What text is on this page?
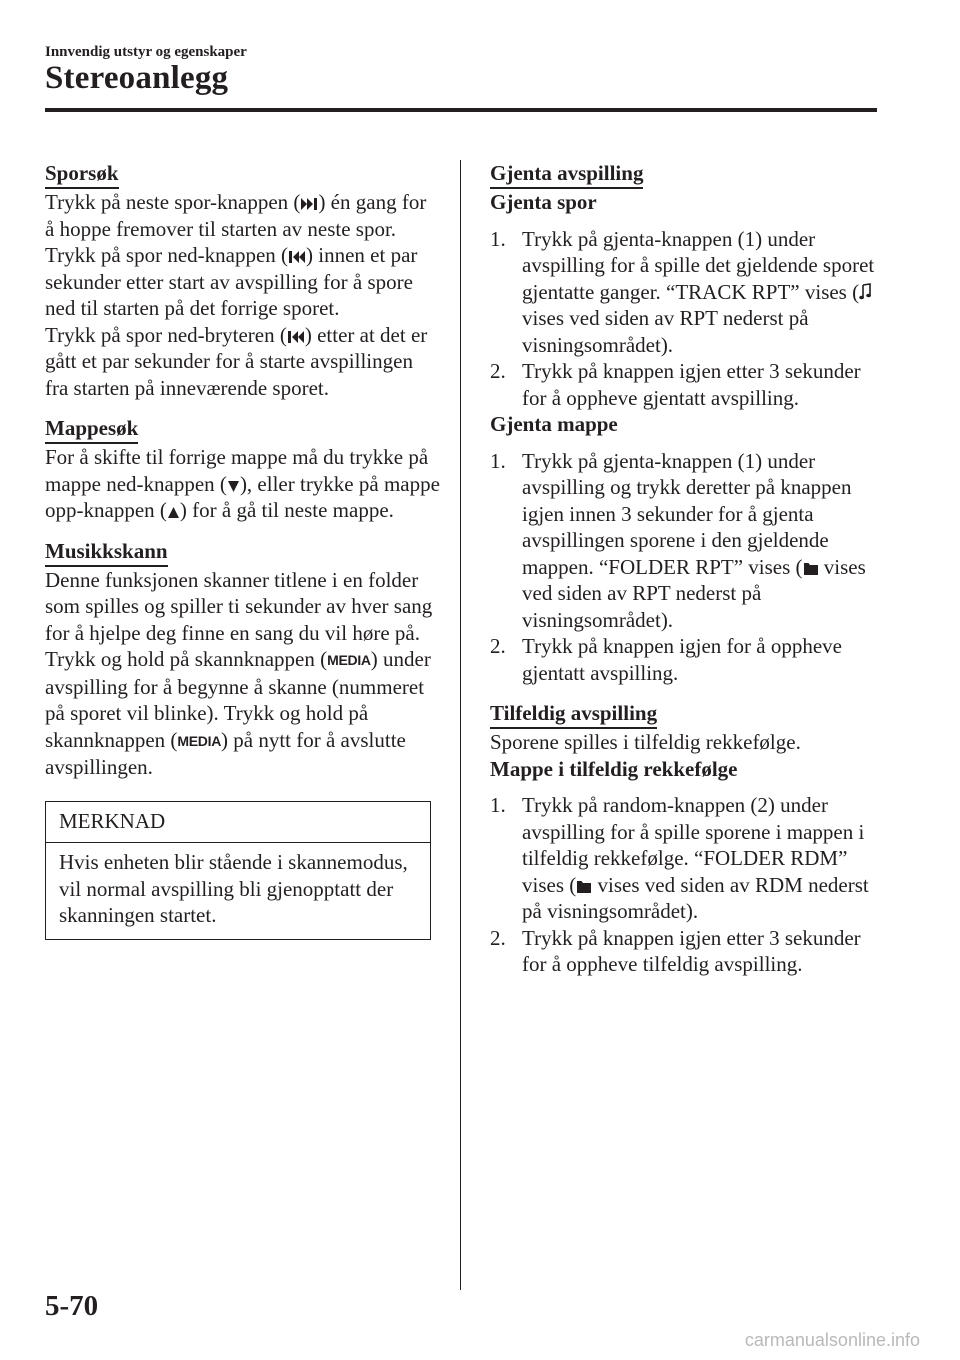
Innvendig utstyr og egenskaper
Stereoanlegg
Sporsøk

Trykk på neste spor-knappen ( ) én gang for å hoppe fremover til starten av neste spor.

Trykk på spor ned-knappen ( ) innen et par sekunder etter start av avspilling for å spore ned til starten på det forrige sporet.

Trykk på spor ned-bryteren ( ) etter at det er gått et par sekunder for å starte avspillingen fra starten på inneværende sporet.

Mappesøk

For å skifte til forrige mappe må du trykke på mappe ned-knappen ( ), eller trykke på mappe opp-knappen ( ) for å gå til neste mappe.

Musikkskann

Denne funksjonen skanner titlene i en folder som spilles og spiller ti sekunder av hver sang for å hjelpe deg finne en sang du vil høre på.

Trykk og hold på skannknappen (MEDIA) under avspilling for å begynne å skanne (nummeret på sporet vil blinke). Trykk og hold på skannknappen (MEDIA) på nytt for å avslutte avspillingen.

MERKNAD
Hvis enheten blir stående i skannemodus, vil normal avspilling bli gjenopptatt der skanningen startet.
Gjenta avspilling

Gjenta spor

1. Trykk på gjenta-knappen (1) under avspilling for å spille det gjeldende sporet gjentatte ganger. “TRACK RPT” vises (
vises ved siden av RPT nederst på visningsområdet).
2. Trykk på knappen igjen etter 3 sekunder for å oppheve gjentatt avspilling.

Gjenta mappe

1. Trykk på gjenta-knappen (1) under avspilling og trykk deretter på knappen igjen innen 3 sekunder for å gjenta avspillingen sporene i den gjeldende mappen. “FOLDER RPT” vises (
vises ved siden av RPT nederst på visningsområdet).
2. Trykk på knappen igjen for å oppheve gjentatt avspilling.
Tilfeldig avspilling

Sporene spilles i tilfeldig rekkefølge.

Mappe i tilfeldig rekkefølge

1. Trykk på random-knappen (2) under avspilling for å spille sporene i mappen i tilfeldig rekkefølge. “FOLDER RDM” vises (
vises ved siden av RDM nederst på visningsområdet).
2. Trykk på knappen igjen etter 3 sekunder for å oppheve tilfeldig avspilling.
5-70
carmanualsonline.info
